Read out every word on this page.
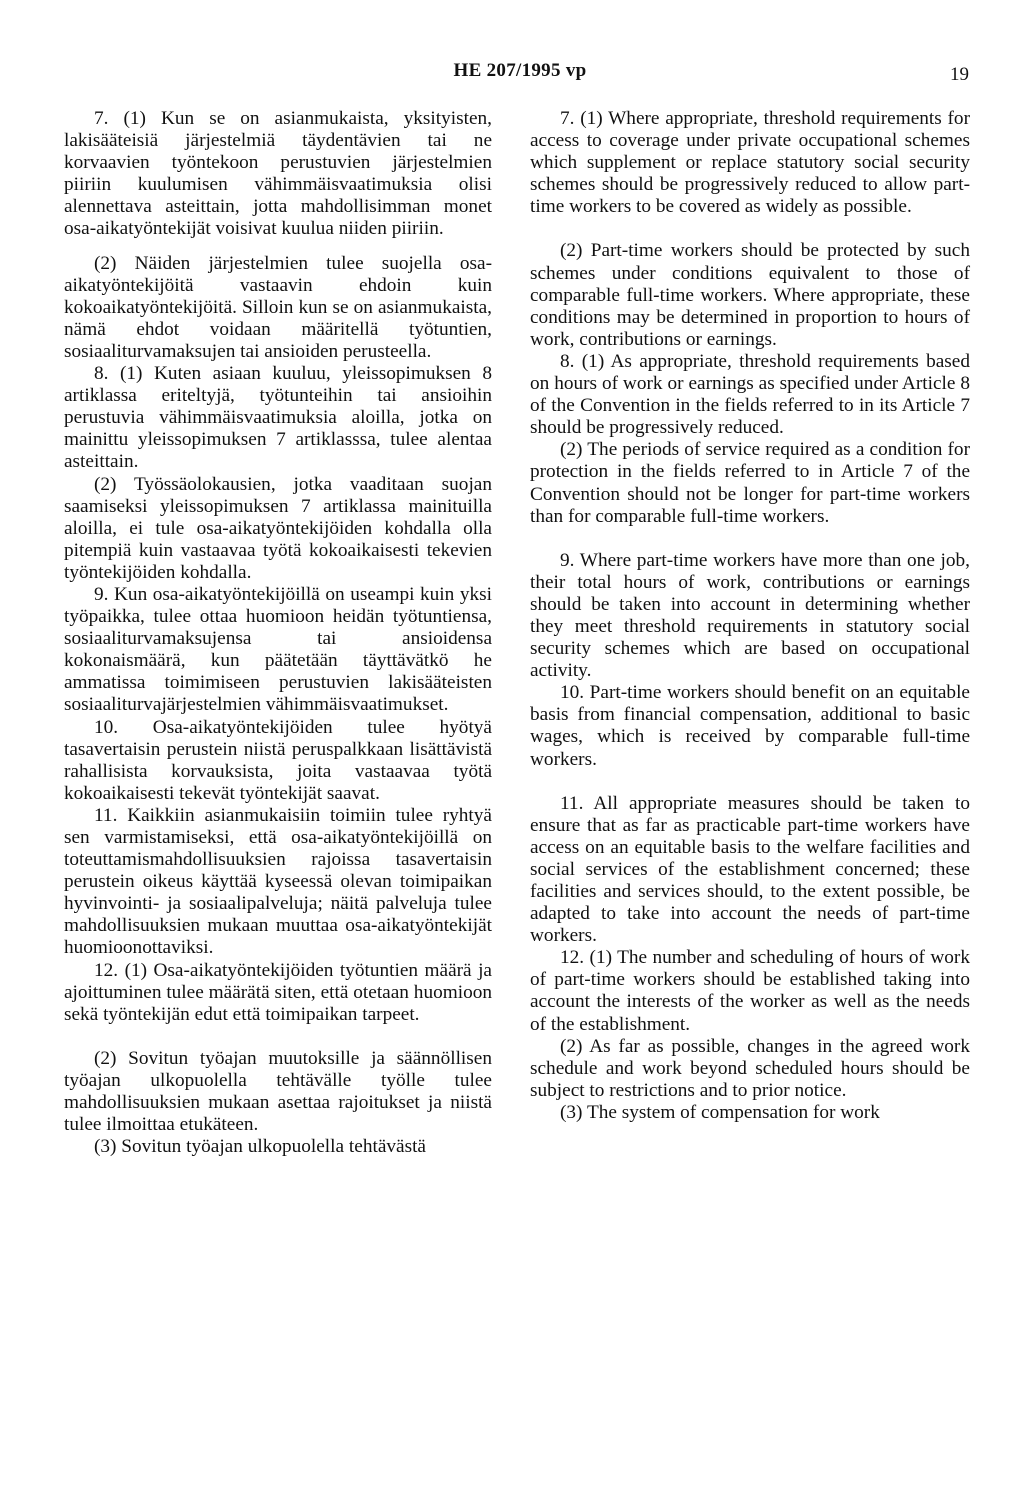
HE 207/1995 vp	19

7. (1) Kun se on asianmukaista, yksityisten, lakisääteisiä järjestelmiä täydentävien tai ne korvaavien työntekoon perustuvien järjestelmien piiriin kuulumisen vähimmäisvaatimuksia olisi alennettava asteittain, jotta mahdollisimman monet osa-aikatyöntekijät voisivat kuulua niiden piiriin.

(2) Näiden järjestelmien tulee suojella osa-aikatyöntekijöitä vastaavin ehdoin kuin kokoaikatyöntekijöitä. Silloin kun se on asianmukaista, nämä ehdot voidaan määritellä työtuntien, sosiaaliturvamaksujen tai ansioiden perusteella.

8. (1) Kuten asiaan kuuluu, yleissopimuksen 8 artiklassa eriteltyjä, työtunteihin tai ansioihin perustuvia vähimmäisvaatimuksia aloilla, jotka on mainittu yleissopimuksen 7 artiklasssa, tulee alentaa asteittain.

(2) Työssäolokausien, jotka vaaditaan suojan saamiseksi yleissopimuksen 7 artiklassa mainituilla aloilla, ei tule osa-aikatyöntekijöiden kohdalla olla pitempiä kuin vastaavaa työtä kokoaikaisesti tekevien työntekijöiden kohdalla.

9. Kun osa-aikatyöntekijöillä on useampi kuin yksi työpaikka, tulee ottaa huomioon heidän työtuntiensa, sosiaaliturvamaksujensa tai ansioidensa kokonaismäärä, kun päätetään täyttävätkö he ammatissa toimimiseen perustuvien lakisääteisten sosiaaliturvajärjestelmien vähimmäisvaatimukset.

10. Osa-aikatyöntekijöiden tulee hyötyä tasavertaisin perustein niistä peruspalkkaan lisättävistä rahallisista korvauksista, joita vastaavaa työtä kokoaikaisesti tekevät työntekijät saavat.

11. Kaikkiin asianmukaisiin toimiin tulee ryhtyä sen varmistamiseksi, että osa-aikatyöntekijöillä on toteuttamismahdollisuuksien rajoissa tasavertaisin perustein oikeus käyttää kyseessä olevan toimipaikan hyvinvointi- ja sosiaalipalveluja; näitä palveluja tulee mahdollisuuksien mukaan muuttaa osa-aikatyöntekijät huomioonottaviksi.

12. (1) Osa-aikatyöntekijöiden työtuntien määrä ja ajoittuminen tulee määrätä siten, että otetaan huomioon sekä työntekijän edut että toimipaikan tarpeet.

(2) Sovitun työajan muutoksille ja säännöllisen työajan ulkopuolella tehtävälle työlle tulee mahdollisuuksien mukaan asettaa rajoitukset ja niistä tulee ilmoittaa etukäteen.

(3) Sovitun työajan ulkopuolella tehtävästä

7. (1) Where appropriate, threshold requirements for access to coverage under private occupational schemes which supplement or replace statutory social security schemes should be progressively reduced to allow part-time workers to be covered as widely as possible.

(2) Part-time workers should be protected by such schemes under conditions equivalent to those of comparable full-time workers. Where appropriate, these conditions may be determined in proportion to hours of work, contributions or earnings.

8. (1) As appropriate, threshold requirements based on hours of work or earnings as specified under Article 8 of the Convention in the fields referred to in its Article 7 should be progressively reduced.

(2) The periods of service required as a condition for protection in the fields referred to in Article 7 of the Convention should not be longer for part-time workers than for comparable full-time workers.

9. Where part-time workers have more than one job, their total hours of work, contributions or earnings should be taken into account in determining whether they meet threshold requirements in statutory social security schemes which are based on occupational activity.

10. Part-time workers should benefit on an equitable basis from financial compensation, additional to basic wages, which is received by comparable full-time workers.

11. All appropriate measures should be taken to ensure that as far as practicable part-time workers have access on an equitable basis to the welfare facilities and social services of the establishment concerned; these facilities and services should, to the extent possible, be adapted to take into account the needs of part-time workers.

12. (1) The number and scheduling of hours of work of part-time workers should be established taking into account the interests of the worker as well as the needs of the establishment.

(2) As far as possible, changes in the agreed work schedule and work beyond scheduled hours should be subject to restrictions and to prior notice.

(3) The system of compensation for work
